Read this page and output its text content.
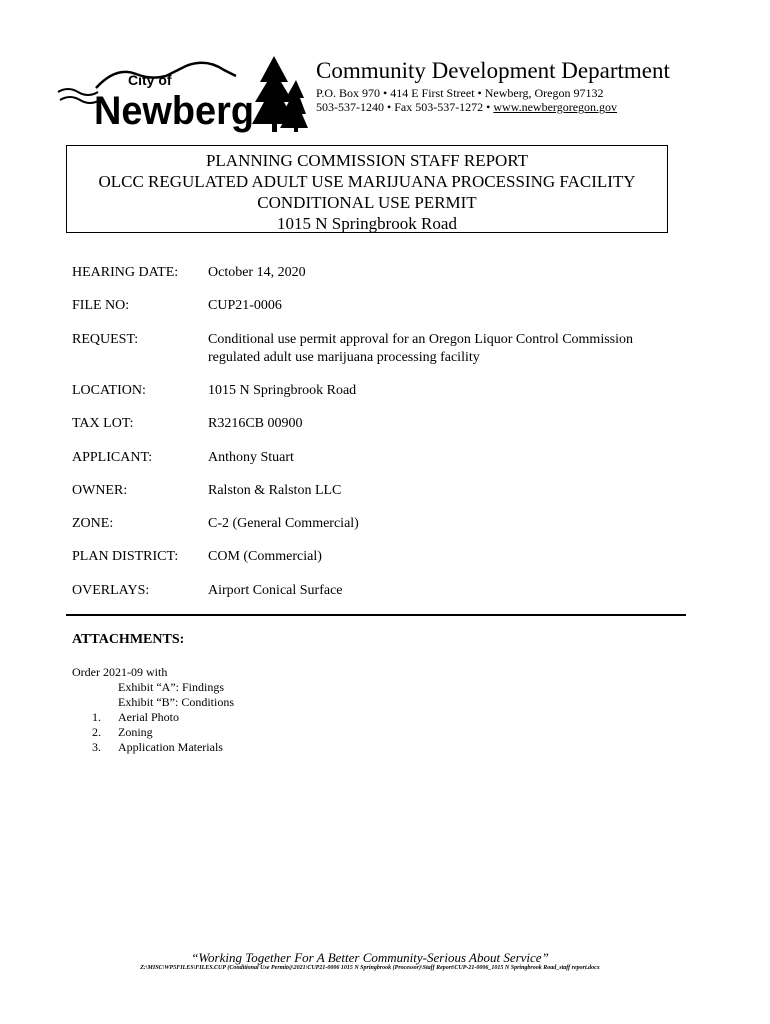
City of
Newberg
Community Development Department
P.O. Box 970 • 414 E First Street • Newberg, Oregon 97132
503-537-1240 • Fax 503-537-1272 • www.newbergoregon.gov
PLANNING COMMISSION STAFF REPORT
OLCC REGULATED ADULT USE MARIJUANA PROCESSING FACILITY
CONDITIONAL USE PERMIT
1015 N Springbrook Road
HEARING DATE: October 14, 2020
FILE NO:	CUP21-0006
REQUEST:	Conditional use permit approval for an Oregon Liquor Control Commission regulated adult use marijuana processing facility
LOCATION:	1015 N Springbrook Road
TAX LOT:	R3216CB 00900
APPLICANT:	Anthony Stuart
OWNER:	Ralston & Ralston LLC
ZONE:	C-2 (General Commercial)
PLAN DISTRICT: COM (Commercial)
OVERLAYS:	Airport Conical Surface
ATTACHMENTS:
Order 2021-09 with
Exhibit “A”: Findings
Exhibit “B”: Conditions
1. Aerial Photo
2. Zoning
3. Application Materials
“Working Together For A Better Community-Serious About Service”
Z:\MISC\WP5FILES\FILES.CUP (Conditional Use Permits)\2021\CUP21-0006 1015 N Springbrook (Processor)\Staff Report\CUP-21-0006_1015 N Springbrook Road_staff report.docx
